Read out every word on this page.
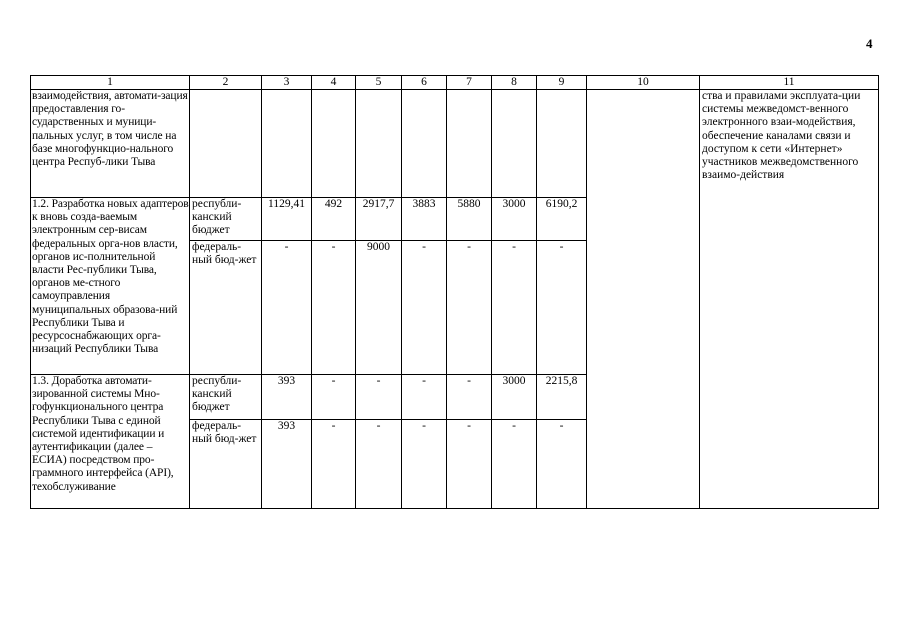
4
1	2	3	4	5	6	7	8	9	10	11
взаимодействия, автомати-зация предоставления го-сударственных и муници-пальных услуг, в том числе на базе многофункцио-нального центра Респуб-лики Тыва										ства и правилами эксплуата-ции системы межведомст-венного электронного взаи-модействия, обеспечение каналами связи и доступом к сети «Интернет» участников межведомственного взаимо-действия
1.2. Разработка новых адаптеров к вновь созда-ваемым электронным сер-висам федеральных орга-нов власти, органов ис-полнительной власти Рес-публики Тыва, органов ме-стного самоуправления муниципальных образова-ний Республики Тыва и ресурсоснабжающих орга-низаций Республики Тыва	республи-канский бюджет	1129,41	492	2917,7	3883	5880	3000	6190,2		
	федераль-ный бюд-жет	-	-	9000	-	-	-	-		
1.3. Доработка автомати-зированной системы Мно-гофункционального центра Республики Тыва с единой системой идентификации и аутентификации (далее – ЕСИА) посредством про-граммного интерфейса (API), техобслуживание	республи-канский бюджет	393	-	-	-	-	3000	2215,8		
	федераль-ный бюд-жет	393	-	-	-	-	-	-		
